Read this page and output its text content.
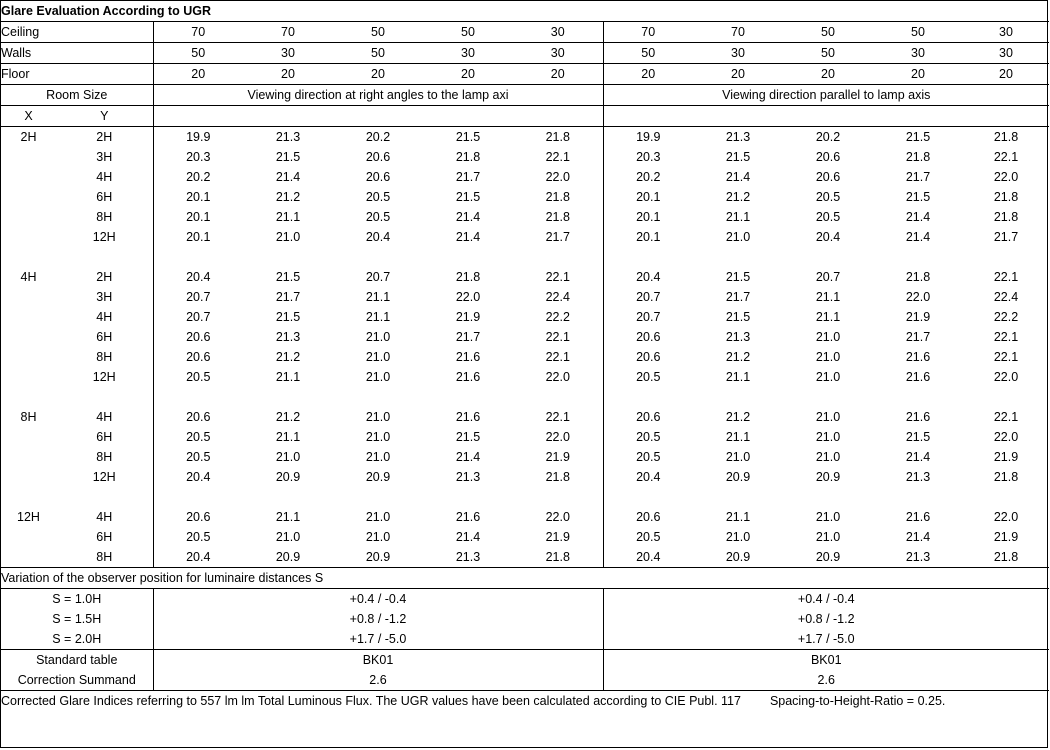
Glare Evaluation According to UGR											
Ceiling		70	70	50	50	30	70	70	50	50	30
Walls		50	30	50	30	30	50	30	50	30	30
Floor		20	20	20	20	20	20	20	20	20	20
Room Size		Viewing direction at right angles to the lamp axi					Viewing direction parallel to lamp axis				
X	Y										
2H	2H	19.9	21.3	20.2	21.5	21.8	19.9	21.3	20.2	21.5	21.8
	3H	20.3	21.5	20.6	21.8	22.1	20.3	21.5	20.6	21.8	22.1
	4H	20.2	21.4	20.6	21.7	22.0	20.2	21.4	20.6	21.7	22.0
	6H	20.1	21.2	20.5	21.5	21.8	20.1	21.2	20.5	21.5	21.8
	8H	20.1	21.1	20.5	21.4	21.8	20.1	21.1	20.5	21.4	21.8
	12H	20.1	21.0	20.4	21.4	21.7	20.1	21.0	20.4	21.4	21.7

4H	2H	20.4	21.5	20.7	21.8	22.1	20.4	21.5	20.7	21.8	22.1
	3H	20.7	21.7	21.1	22.0	22.4	20.7	21.7	21.1	22.0	22.4
	4H	20.7	21.5	21.1	21.9	22.2	20.7	21.5	21.1	21.9	22.2
	6H	20.6	21.3	21.0	21.7	22.1	20.6	21.3	21.0	21.7	22.1
	8H	20.6	21.2	21.0	21.6	22.1	20.6	21.2	21.0	21.6	22.1
	12H	20.5	21.1	21.0	21.6	22.0	20.5	21.1	21.0	21.6	22.0

8H	4H	20.6	21.2	21.0	21.6	22.1	20.6	21.2	21.0	21.6	22.1
	6H	20.5	21.1	21.0	21.5	22.0	20.5	21.1	21.0	21.5	22.0
	8H	20.5	21.0	21.0	21.4	21.9	20.5	21.0	21.0	21.4	21.9
	12H	20.4	20.9	20.9	21.3	21.8	20.4	20.9	20.9	21.3	21.8

12H	4H	20.6	21.1	21.0	21.6	22.0	20.6	21.1	21.0	21.6	22.0
	6H	20.5	21.0	21.0	21.4	21.9	20.5	21.0	21.0	21.4	21.9
	8H	20.4	20.9	20.9	21.3	21.8	20.4	20.9	20.9	21.3	21.8
Variation of the observer position for luminaire distances S											
S = 1.0H		+0.4 / -0.4					+0.4 / -0.4				
S = 1.5H		+0.8 / -1.2					+0.8 / -1.2				
S = 2.0H		+1.7 / -5.0					+1.7 / -5.0				
Standard table		BK01					BK01				
Correction Summand		2.6					2.6				
Corrected Glare Indices referring to 557 lm lm Total Luminous Flux. The UGR values have been calculated according to CIE Publ. 117 Spacing-to-Height-Ratio = 0.25.											
